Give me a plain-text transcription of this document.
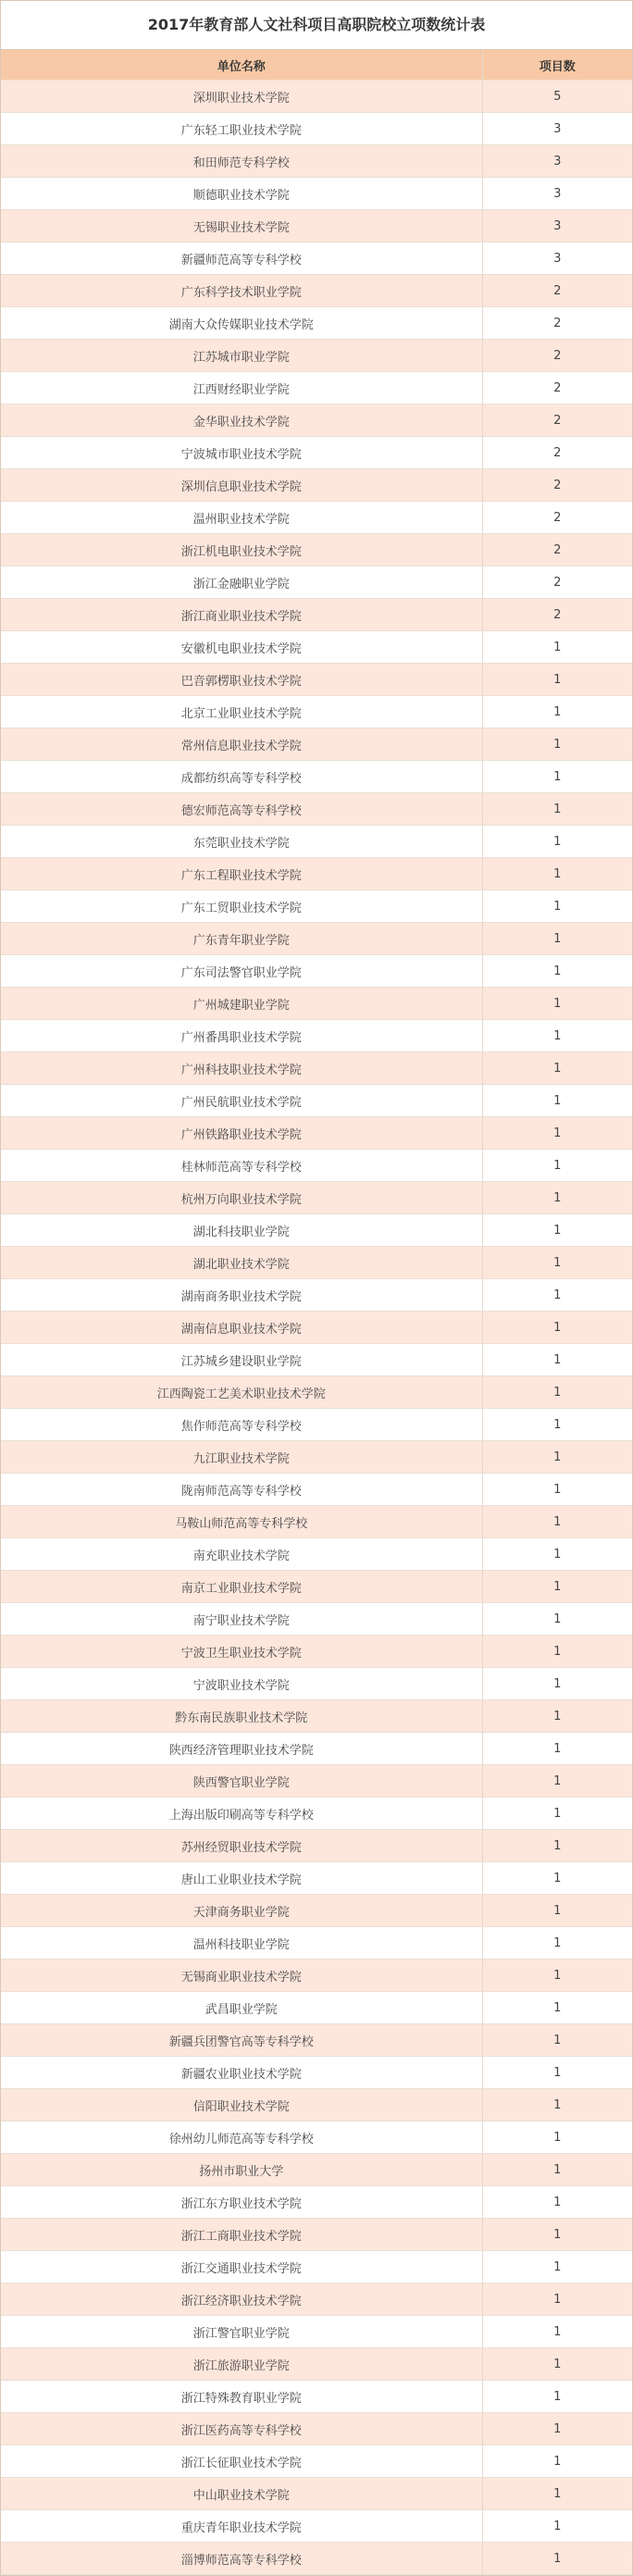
2017年教育部人文社科项目高职院校立项数统计表
单位名称	项目数
深圳职业技术学院	5
广东轻工职业技术学院	3
和田师范专科学校	3
顺德职业技术学院	3
无锡职业技术学院	3
新疆师范高等专科学校	3
广东科学技术职业学院	2
湖南大众传媒职业技术学院	2
江苏城市职业学院	2
江西财经职业学院	2
金华职业技术学院	2
宁波城市职业技术学院	2
深圳信息职业技术学院	2
温州职业技术学院	2
浙江机电职业技术学院	2
浙江金融职业学院	2
浙江商业职业技术学院	2
安徽机电职业技术学院	1
巴音郭楞职业技术学院	1
北京工业职业技术学院	1
常州信息职业技术学院	1
成都纺织高等专科学校	1
德宏师范高等专科学校	1
东莞职业技术学院	1
广东工程职业技术学院	1
广东工贸职业技术学院	1
广东青年职业学院	1
广东司法警官职业学院	1
广州城建职业学院	1
广州番禺职业技术学院	1
广州科技职业技术学院	1
广州民航职业技术学院	1
广州铁路职业技术学院	1
桂林师范高等专科学校	1
杭州万向职业技术学院	1
湖北科技职业学院	1
湖北职业技术学院	1
湖南商务职业技术学院	1
湖南信息职业技术学院	1
江苏城乡建设职业学院	1
江西陶瓷工艺美术职业技术学院	1
焦作师范高等专科学校	1
九江职业技术学院	1
陇南师范高等专科学校	1
马鞍山师范高等专科学校	1
南充职业技术学院	1
南京工业职业技术学院	1
南宁职业技术学院	1
宁波卫生职业技术学院	1
宁波职业技术学院	1
黔东南民族职业技术学院	1
陕西经济管理职业技术学院	1
陕西警官职业学院	1
上海出版印刷高等专科学校	1
苏州经贸职业技术学院	1
唐山工业职业技术学院	1
天津商务职业学院	1
温州科技职业学院	1
无锡商业职业技术学院	1
武昌职业学院	1
新疆兵团警官高等专科学校	1
新疆农业职业技术学院	1
信阳职业技术学院	1
徐州幼儿师范高等专科学校	1
扬州市职业大学	1
浙江东方职业技术学院	1
浙江工商职业技术学院	1
浙江交通职业技术学院	1
浙江经济职业技术学院	1
浙江警官职业学院	1
浙江旅游职业学院	1
浙江特殊教育职业学院	1
浙江医药高等专科学校	1
浙江长征职业技术学院	1
中山职业技术学院	1
重庆青年职业技术学院	1
淄博师范高等专科学校	1
